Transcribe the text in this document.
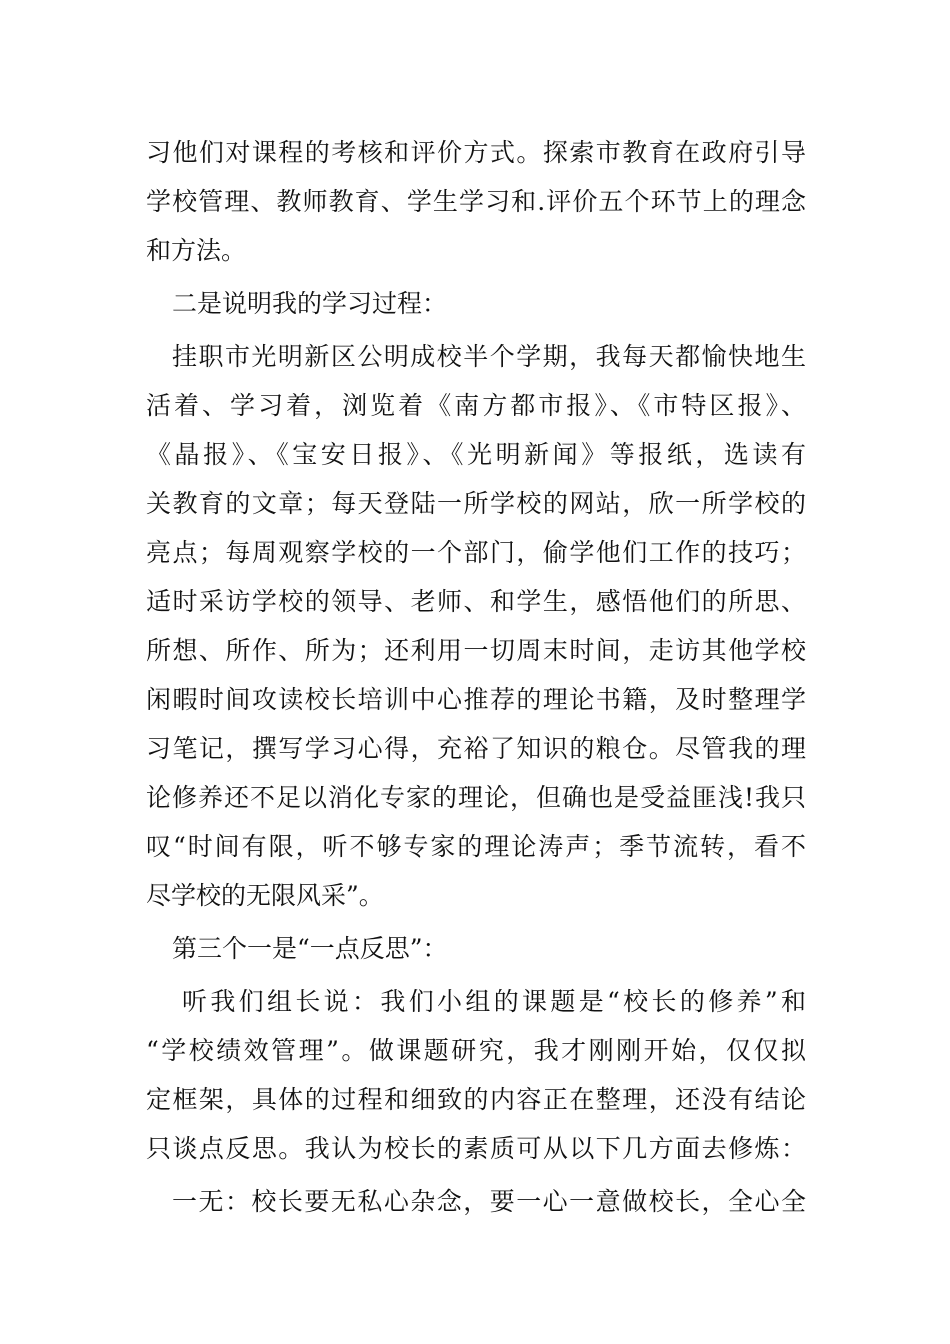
习他们对课程的考核和评价方式。探索市教育在政府引导
学校管理、教师教育、学生学习和.评价五个环节上的理念
和方法。
二是说明我的学习过程：
挂职市光明新区公明成校半个学期，我每天都愉快地生
活着、学习着，浏览着《南方都市报》、《市特区报》、
《晶报》、《宝安日报》、《光明新闻》等报纸，选读有
关教育的文章；每天登陆一所学校的网站，欣一所学校的
亮点；每周观察学校的一个部门，偷学他们工作的技巧；
适时采访学校的领导、老师、和学生，感悟他们的所思、
所想、所作、所为；还利用一切周末时间，走访其他学校
闲暇时间攻读校长培训中心推荐的理论书籍，及时整理学
习笔记，撰写学习心得，充裕了知识的粮仓。尽管我的理
论修养还不足以消化专家的理论，但确也是受益匪浅!我只
叹“时间有限，听不够专家的理论涛声；季节流转，看不
尽学校的无限风采”。
第三个一是“一点反思”：
听我们组长说：我们小组的课题是“校长的修养”和
“学校绩效管理”。做课题研究，我才刚刚开始，仅仅拟
定框架，具体的过程和细致的内容正在整理，还没有结论
只谈点反思。我认为校长的素质可从以下几方面去修炼：
一无：校长要无私心杂念，要一心一意做校长，全心全
